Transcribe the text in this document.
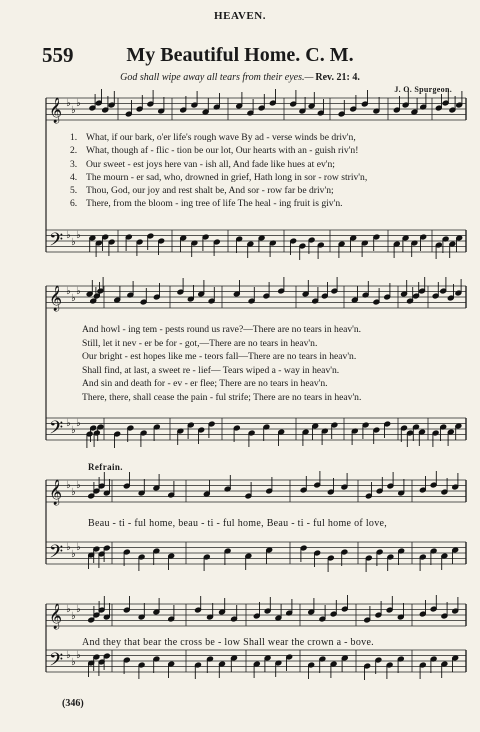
HEAVEN.
559	My Beautiful Home. C. M.
God shall wipe away all tears from their eyes.— Rev. 21: 4.
J. O. Spurgeon.
𝄞 ♭
♭
♭
𝄢 ♭
♭
♭
𝄞 ♭
♭
♭
𝄢 ♭
♭
♭
𝄞 ♭
♭
♭
𝄢 ♭
♭
♭
𝄞 ♭
♭
♭
𝄢 ♭
♭
♭
1. What, if our bark, o'er life's rough wave By ad - verse winds be driv'n,
2. What, though af - flic - tion be our lot, Our hearts with an - guish riv'n!
3. Our sweet - est joys here van - ish all, And fade like hues at ev'n;
4. The mourn - er sad, who, drowned in grief, Hath long in sor - row striv'n,
5. Thou, God, our joy and rest shalt be, And sor - row far be driv'n;
6. There, from the bloom - ing tree of life The heal - ing fruit is giv'n.
And howl - ing tem - pests round us rave?—There are no tears in heav'n.
Still, let it nev - er be for - got,—There are no tears in heav'n.
Our bright - est hopes like me - teors fall—There are no tears in heav'n.
Shall find, at last, a sweet re - lief— Tears wiped a - way in heav'n.
And sin and death for - ev - er flee; There are no tears in heav'n.
There, there, shall cease the pain - ful strife; There are no tears in heav'n.
Refrain.
Beau - ti - ful home, beau - ti - ful home, Beau - ti - ful home of love,
And they that bear the cross be - low Shall wear the crown a - bove.
(346)
